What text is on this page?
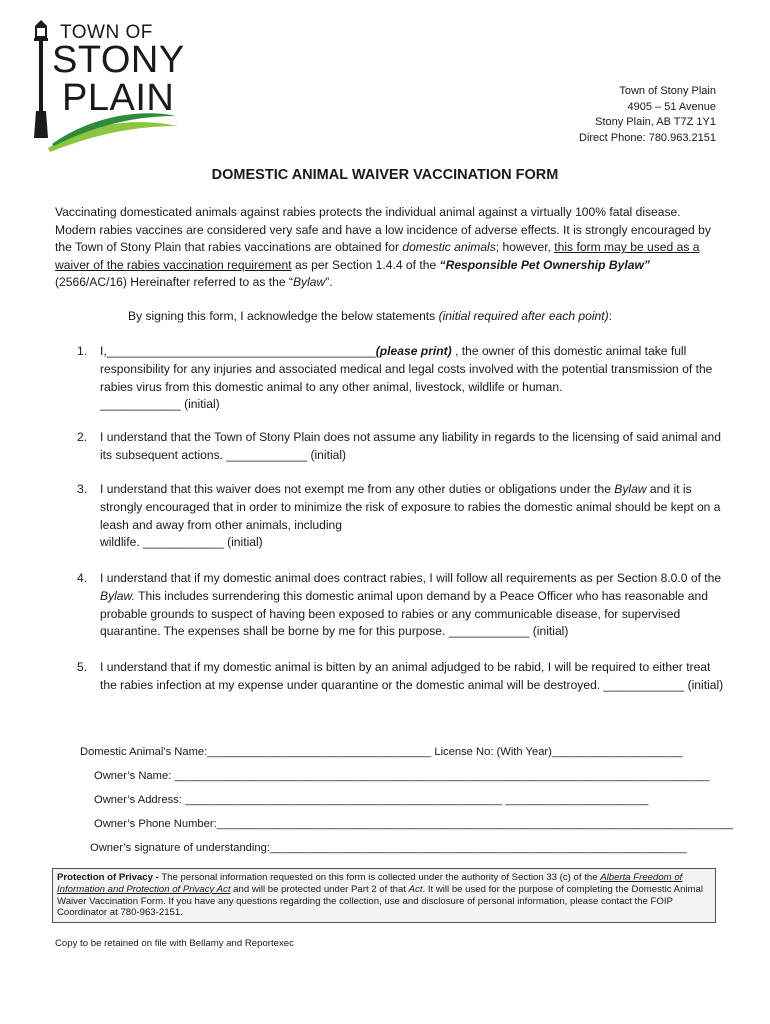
TOWN OF
STONY
PLAIN	Town of Stony Plain
4905 – 51 Avenue
Stony Plain, AB T7Z 1Y1
Direct Phone: 780.963.2151
DOMESTIC ANIMAL WAIVER VACCINATION FORM
Vaccinating domesticated animals against rabies protects the individual animal against a virtually 100% fatal disease. Modern rabies vaccines are considered very safe and have a low incidence of adverse effects. It is strongly encouraged by the Town of Stony Plain that rabies vaccinations are obtained for domestic animals; however, this form may be used as a waiver of the rabies vaccination requirement as per Section 1.4.4 of the “Responsible Pet Ownership Bylaw” (2566/AC/16) Hereinafter referred to as the “Bylaw”.
By signing this form, I acknowledge the below statements (initial required after each point):
1. I,________________________________________(please print) , the owner of this domestic animal take full responsibility for any injuries and associated medical and legal costs involved with the potential transmission of the rabies virus from this domestic animal to any other animal, livestock, wildlife or human.
____________ (initial)
2. I understand that the Town of Stony Plain does not assume any liability in regards to the licensing of said animal and its subsequent actions. ____________ (initial)
3. I understand that this waiver does not exempt me from any other duties or obligations under the Bylaw and it is strongly encouraged that in order to minimize the risk of exposure to rabies the domestic animal should be kept on a leash and away from other animals, including
wildlife. ____________ (initial)
4. I understand that if my domestic animal does contract rabies, I will follow all requirements as per Section 8.0.0 of the Bylaw. This includes surrendering this domestic animal upon demand by a Peace Officer who has reasonable and probable grounds to suspect of having been exposed to rabies or any communicable disease, for supervised quarantine. The expenses shall be borne by me for this purpose. ____________ (initial)
5. I understand that if my domestic animal is bitten by an animal adjudged to be rabid, I will be required to either treat the rabies infection at my expense under quarantine or the domestic animal will be destroyed. ____________ (initial)
Domestic Animal’s Name:____________________________________ License No: (With Year)_____________________
Owner’s Name: ______________________________________________________________________________________
Owner’s Address: ___________________________________________________ _______________________
Owner’s Phone Number:___________________________________________________________________________________
Owner’s signature of understanding:___________________________________________________________________
Protection of Privacy - The personal information requested on this form is collected under the authority of Section 33 (c) of the Alberta Freedom of Information and Protection of Privacy Act and will be protected under Part 2 of that Act. It will be used for the purpose of completing the Domestic Animal Waiver Vaccination Form. If you have any questions regarding the collection, use and disclosure of personal information, please contact the FOIP Coordinator at 780-963-2151.
Copy to be retained on file with Bellamy and Reportexec
